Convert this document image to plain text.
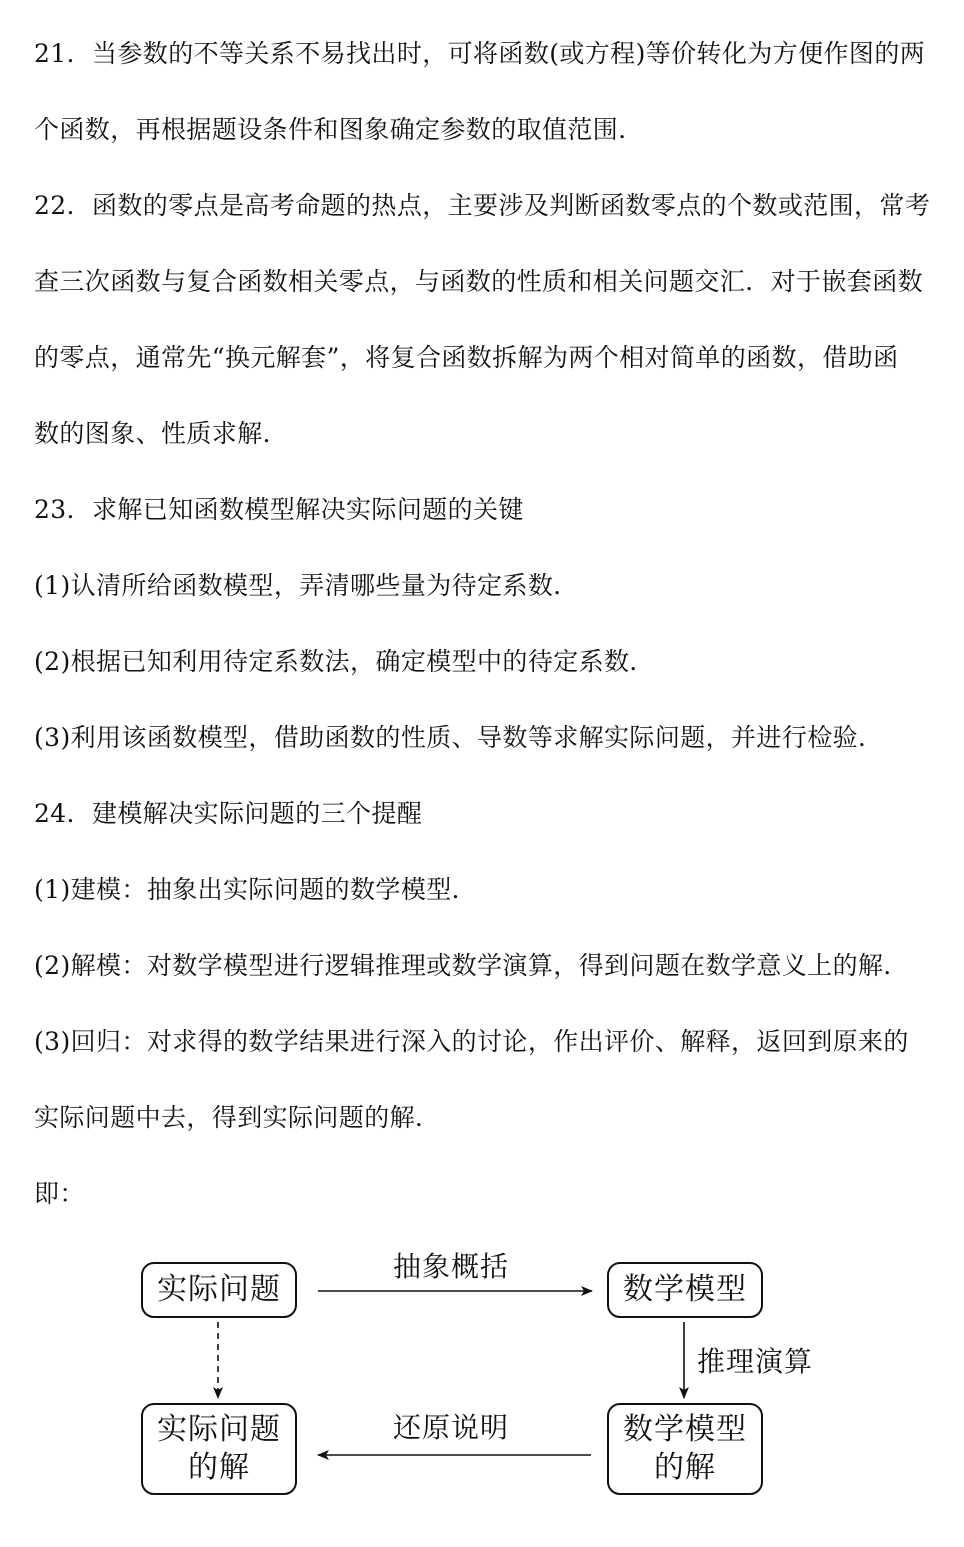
21．当参数的不等关系不易找出时，可将函数(或方程)等价转化为方便作图的两
个函数，再根据题设条件和图象确定参数的取值范围．
22．函数的零点是高考命题的热点，主要涉及判断函数零点的个数或范围，常考
查三次函数与复合函数相关零点，与函数的性质和相关问题交汇．对于嵌套函数
的零点，通常先“换元解套”，将复合函数拆解为两个相对简单的函数，借助函
数的图象、性质求解．
23．求解已知函数模型解决实际问题的关键
(1)认清所给函数模型，弄清哪些量为待定系数．
(2)根据已知利用待定系数法，确定模型中的待定系数．
(3)利用该函数模型，借助函数的性质、导数等求解实际问题，并进行检验．
24．建模解决实际问题的三个提醒
(1)建模：抽象出实际问题的数学模型．
(2)解模：对数学模型进行逻辑推理或数学演算，得到问题在数学意义上的解．
(3)回归：对求得的数学结果进行深入的讨论，作出评价、解释，返回到原来的
实际问题中去，得到实际问题的解．
即：
实际问题	数学模型
实际问题
的解
数学模型
的解
抽象概括
推理演算
还原说明
